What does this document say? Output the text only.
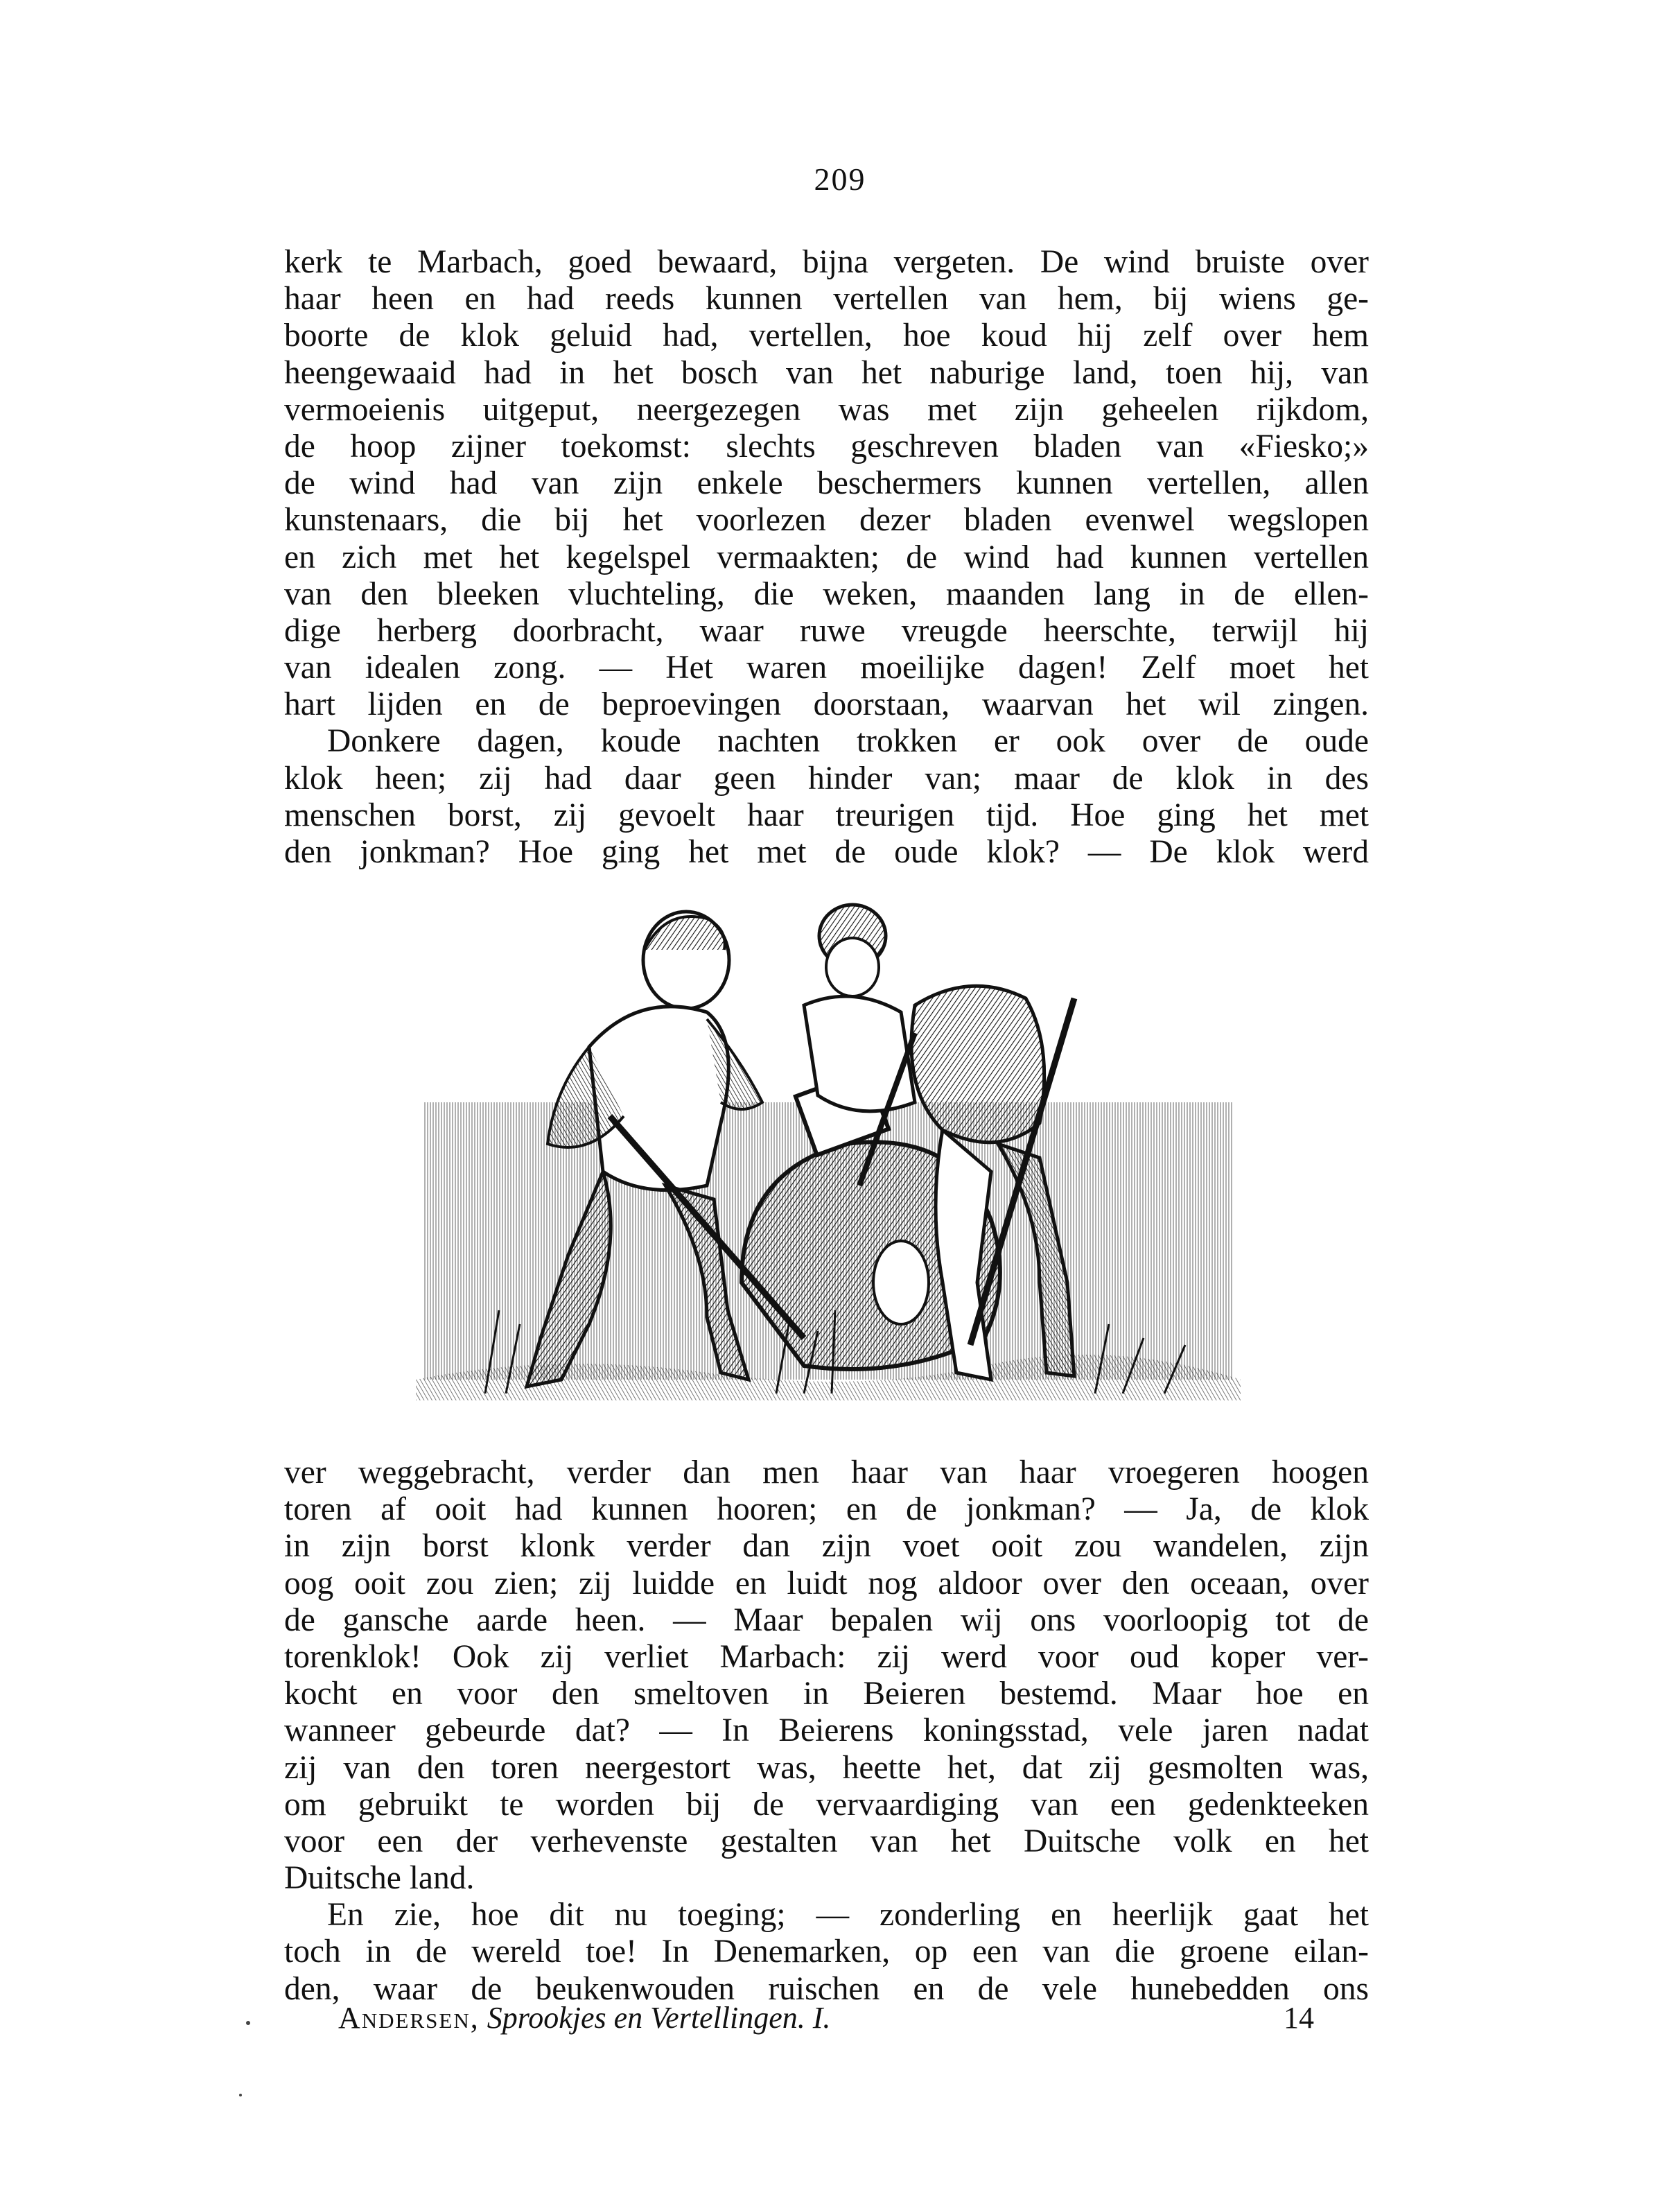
209
kerk te Marbach, goed bewaard, bijna vergeten. De wind bruiste over
haar heen en had reeds kunnen vertellen van hem, bij wiens ge-
boorte de klok geluid had, vertellen, hoe koud hij zelf over hem
heengewaaid had in het bosch van het naburige land, toen hij, van
vermoeienis uitgeput, neergezegen was met zijn geheelen rijkdom,
de hoop zijner toekomst: slechts geschreven bladen van «Fiesko;»
de wind had van zijn enkele beschermers kunnen vertellen, allen
kunstenaars, die bij het voorlezen dezer bladen evenwel wegslopen
en zich met het kegelspel vermaakten; de wind had kunnen vertellen
van den bleeken vluchteling, die weken, maanden lang in de ellen-
dige herberg doorbracht, waar ruwe vreugde heerschte, terwijl hij
van idealen zong. — Het waren moeilijke dagen! Zelf moet het
hart lijden en de beproevingen doorstaan, waarvan het wil zingen.
Donkere dagen, koude nachten trokken er ook over de oude
klok heen; zij had daar geen hinder van; maar de klok in des
menschen borst, zij gevoelt haar treurigen tijd. Hoe ging het met
den jonkman? Hoe ging het met de oude klok? — De klok werd
ver weggebracht, verder dan men haar van haar vroegeren hoogen
toren af ooit had kunnen hooren; en de jonkman? — Ja, de klok
in zijn borst klonk verder dan zijn voet ooit zou wandelen, zijn
oog ooit zou zien; zij luidde en luidt nog aldoor over den oceaan, over
de gansche aarde heen. — Maar bepalen wij ons voorloopig tot de
torenklok! Ook zij verliet Marbach: zij werd voor oud koper ver-
kocht en voor den smeltoven in Beieren bestemd. Maar hoe en
wanneer gebeurde dat? — In Beierens koningsstad, vele jaren nadat
zij van den toren neergestort was, heette het, dat zij gesmolten was,
om gebruikt te worden bij de vervaardiging van een gedenkteeken
voor een der verhevenste gestalten van het Duitsche volk en het
Duitsche land.
En zie, hoe dit nu toeging; — zonderling en heerlijk gaat het
toch in de wereld toe! In Denemarken, op een van die groene eilan-
den, waar de beukenwouden ruischen en de vele hunebedden ons
Andersen, Sprookjes en Vertellingen. I.	14
